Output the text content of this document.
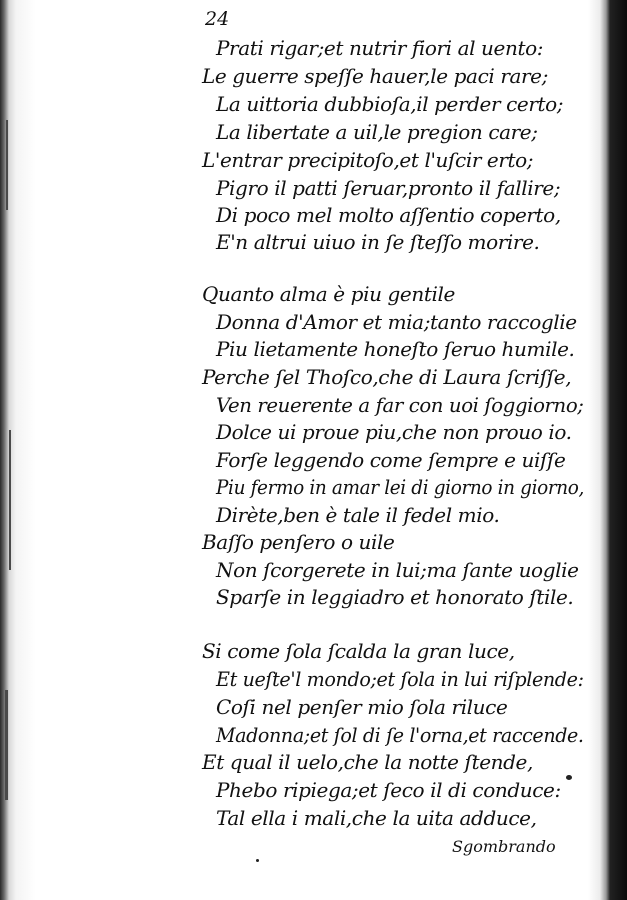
24
Prati rigar;et nutrir fiori al uento:
Le guerre speſſe hauer,le paci rare;
La uittoria dubbioſa,il perder certo;
La libertate a uil,le pregion care;
L'entrar precipitoſo,et l'uſcir erto;
Pigro il patti ſeruar,pronto il fallire;
Di poco mel molto aſſentio coperto,
E'n altrui uiuo in ſe ſteſſo morire.
Quanto alma è piu gentile
Donna d'Amor et mia;tanto raccoglie
Piu lietamente honeſto ſeruo humile.
Perche ſel Thoſco,che di Laura ſcriſſe,
Ven reuerente a far con uoi ſoggiorno;
Dolce ui proue piu,che non prouo io.
Forſe leggendo come ſempre e uiſſe
Piu fermo in amar lei di giorno in giorno,
Dirète,ben è tale il fedel mio.
Baſſo penſero o uile
Non ſcorgerete in lui;ma ſante uoglie
Sparſe in leggiadro et honorato ſtile.
Si come ſola ſcalda la gran luce,
Et ueſte'l mondo;et ſola in lui riſplende:
Coſi nel penſer mio ſola riluce
Madonna;et ſol di ſe l'orna,et raccende.
Et qual il uelo,che la notte ſtende,
Phebo ripiega;et ſeco il di conduce:
Tal ella i mali,che la uita adduce,
Sgombrando
